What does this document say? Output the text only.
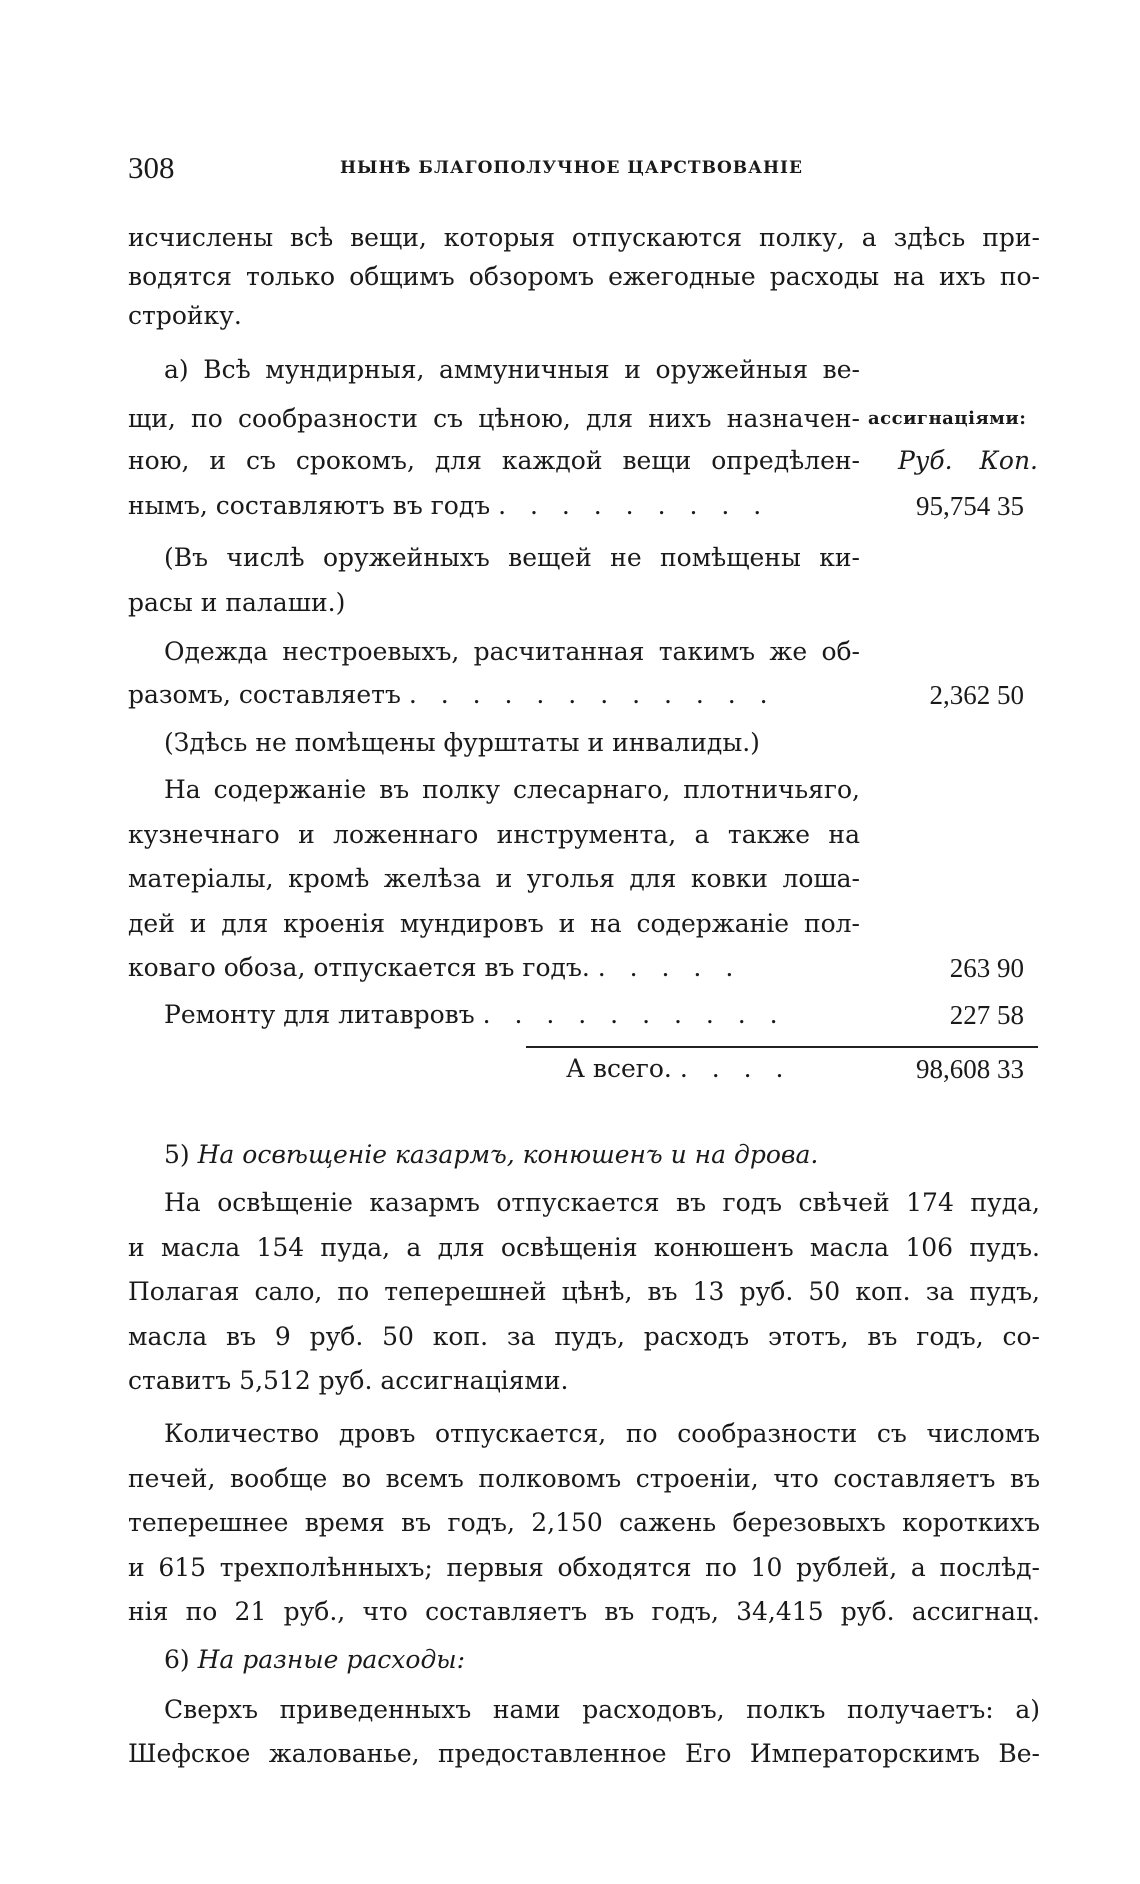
308	НЫНѢ БЛАГОПОЛУЧНОЕ ЦАРСТВОВАНІЕ
исчислены всѣ вещи, которыя отпускаются полку, а здѣсь при-
водятся только общимъ обзоромъ ежегодные расходы на ихъ по-
стройку.
ассигнаціями:
Руб. Коп.
а) Всѣ мундирныя, аммуничныя и оружейныя ве-
щи, по сообразности съ цѣною, для нихъ назначен-
ною, и съ срокомъ, для каждой вещи опредѣлен-
нымъ, составляютъ въ годъ . . . . . . . . .	95,754 35
(Въ числѣ оружейныхъ вещей не помѣщены ки-
расы и палаши.)
Одежда нестроевыхъ, расчитанная такимъ же об-
разомъ, составляетъ . . . . . . . . . . . .	2,362 50
(Здѣсь не помѣщены фурштаты и инвалиды.)
На содержаніе въ полку слесарнаго, плотничьяго,
кузнечнаго и ложеннаго инструмента, а также на
матеріалы, кромѣ желѣза и уголья для ковки лоша-
дей и для кроенія мундировъ и на содержаніе пол-
коваго обоза, отпускается въ годъ. . . . . .	263 90
Ремонту для литавровъ . . . . . . . . . .	227 58
А всего. . . . .	98,608 33
5) На освѣщеніе казармъ, конюшенъ и на дрова.
На освѣщеніе казармъ отпускается въ годъ свѣчей 174 пуда,
и масла 154 пуда, а для освѣщенія конюшенъ масла 106 пудъ.
Полагая сало, по теперешней цѣнѣ, въ 13 руб. 50 коп. за пудъ,
масла въ 9 руб. 50 коп. за пудъ, расходъ этотъ, въ годъ, со-
ставитъ 5,512 руб. ассигнаціями.
Количество дровъ отпускается, по сообразности съ числомъ
печей, вообще во всемъ полковомъ строеніи, что составляетъ въ
теперешнее время въ годъ, 2,150 сажень березовыхъ короткихъ
и 615 трехполѣнныхъ; первыя обходятся по 10 рублей, а послѣд-
нія по 21 руб., что составляетъ въ годъ, 34,415 руб. ассигнац.
6) На разные расходы:
Сверхъ приведенныхъ нами расходовъ, полкъ получаетъ: а)
Шефское жалованье, предоставленное Его Императорскимъ Ве-
